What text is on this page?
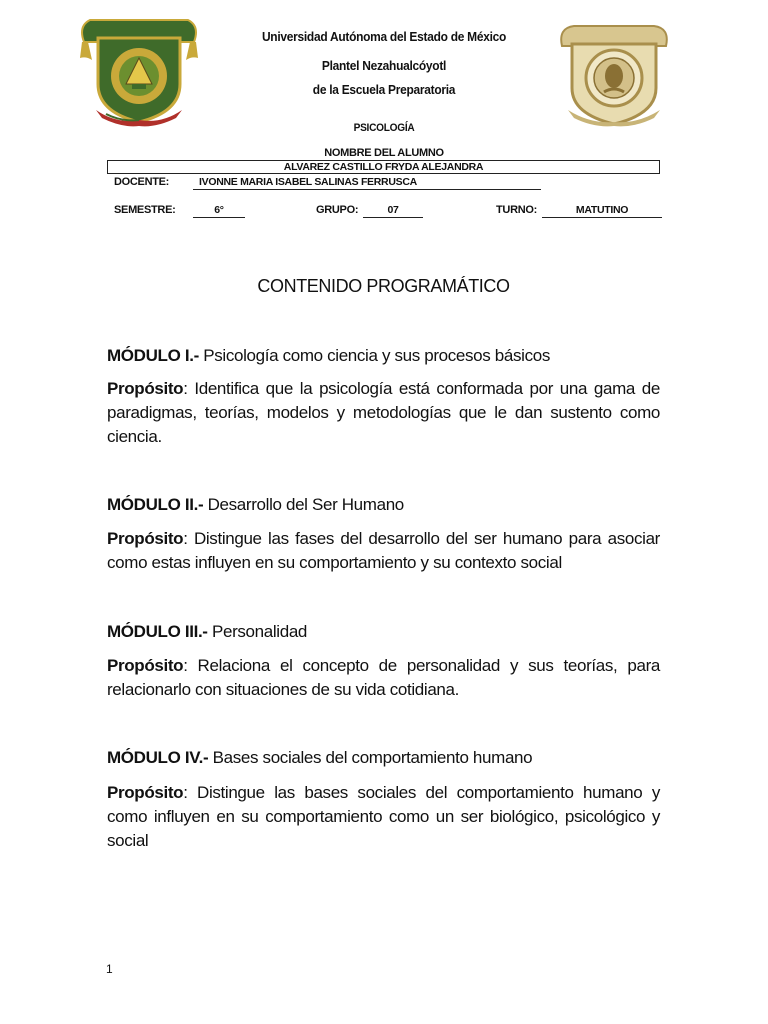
Universidad Autónoma del Estado de México
Plantel Nezahualcóyotl
de la Escuela Preparatoria
PSICOLOGÍA
NOMBRE DEL ALUMNO
ALVAREZ CASTILLO FRYDA ALEJANDRA
DOCENTE:	IVONNE MARIA ISABEL SALINAS FERRUSCA
SEMESTRE:	6°	GRUPO:	07	TURNO:	MATUTINO
CONTENIDO PROGRAMÁTICO
MÓDULO I.- Psicología como ciencia y sus procesos básicos
Propósito: Identifica que la psicología está conformada por una gama de paradigmas, teorías, modelos y metodologías que le dan sustento como ciencia.
MÓDULO II.- Desarrollo del Ser Humano
Propósito: Distingue las fases del desarrollo del ser humano para asociar como estas influyen en su comportamiento y su contexto social
MÓDULO III.- Personalidad
Propósito: Relaciona el concepto de personalidad y sus teorías, para relacionarlo con situaciones de su vida cotidiana.
MÓDULO IV.- Bases sociales del comportamiento humano
Propósito: Distingue las bases sociales del comportamiento humano y como influyen en su comportamiento como un ser biológico, psicológico y social
1
